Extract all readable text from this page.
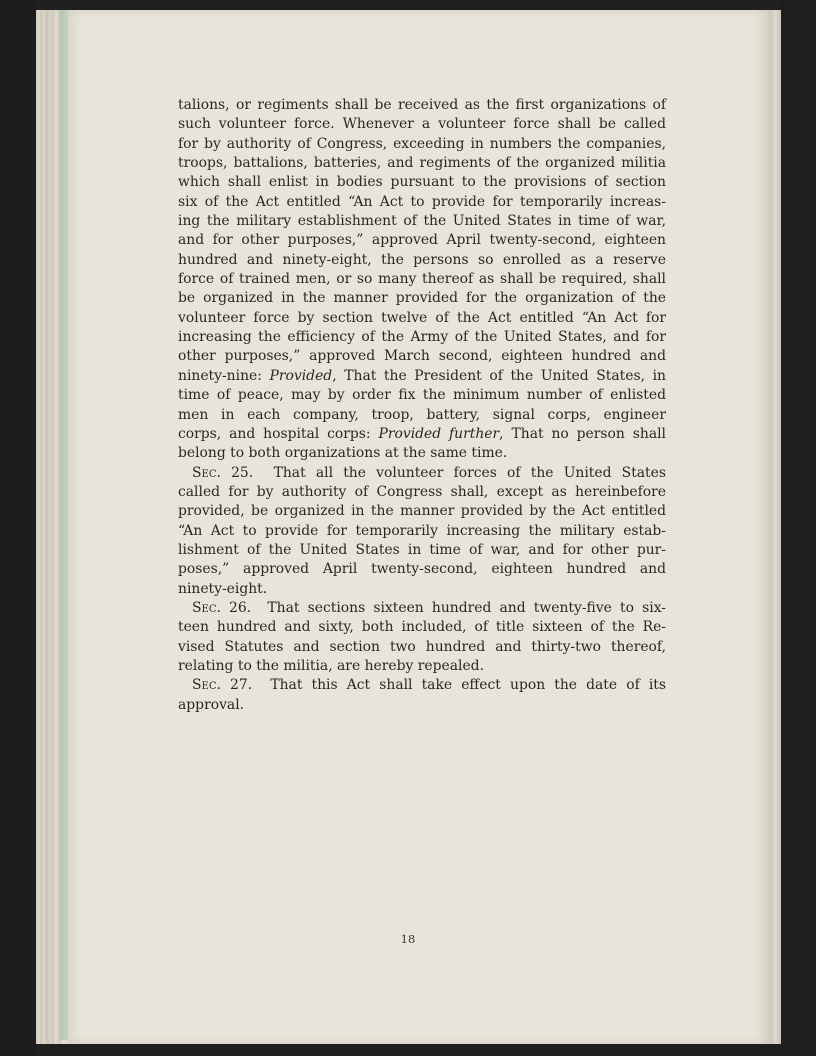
talions, or regiments shall be received as the first organizations of
such volunteer force. Whenever a volunteer force shall be called
for by authority of Congress, exceeding in numbers the companies,
troops, battalions, batteries, and regiments of the organized militia
which shall enlist in bodies pursuant to the provisions of section
six of the Act entitled “An Act to provide for temporarily increas-
ing the military establishment of the United States in time of war,
and for other purposes,” approved April twenty-second, eighteen
hundred and ninety-eight, the persons so enrolled as a reserve
force of trained men, or so many thereof as shall be required, shall
be organized in the manner provided for the organization of the
volunteer force by section twelve of the Act entitled “An Act for
increasing the efficiency of the Army of the United States, and for
other purposes,” approved March second, eighteen hundred and
ninety-nine: Provided, That the President of the United States, in
time of peace, may by order fix the minimum number of enlisted
men in each company, troop, battery, signal corps, engineer
corps, and hospital corps: Provided further, That no person shall
belong to both organizations at the same time.
Sec. 25. That all the volunteer forces of the United States
called for by authority of Congress shall, except as hereinbefore
provided, be organized in the manner provided by the Act entitled
“An Act to provide for temporarily increasing the military estab-
lishment of the United States in time of war, and for other pur-
poses,” approved April twenty-second, eighteen hundred and
ninety-eight.
Sec. 26. That sections sixteen hundred and twenty-five to six-
teen hundred and sixty, both included, of title sixteen of the Re-
vised Statutes and section two hundred and thirty-two thereof,
relating to the militia, are hereby repealed.
Sec. 27. That this Act shall take effect upon the date of its
approval.
18
